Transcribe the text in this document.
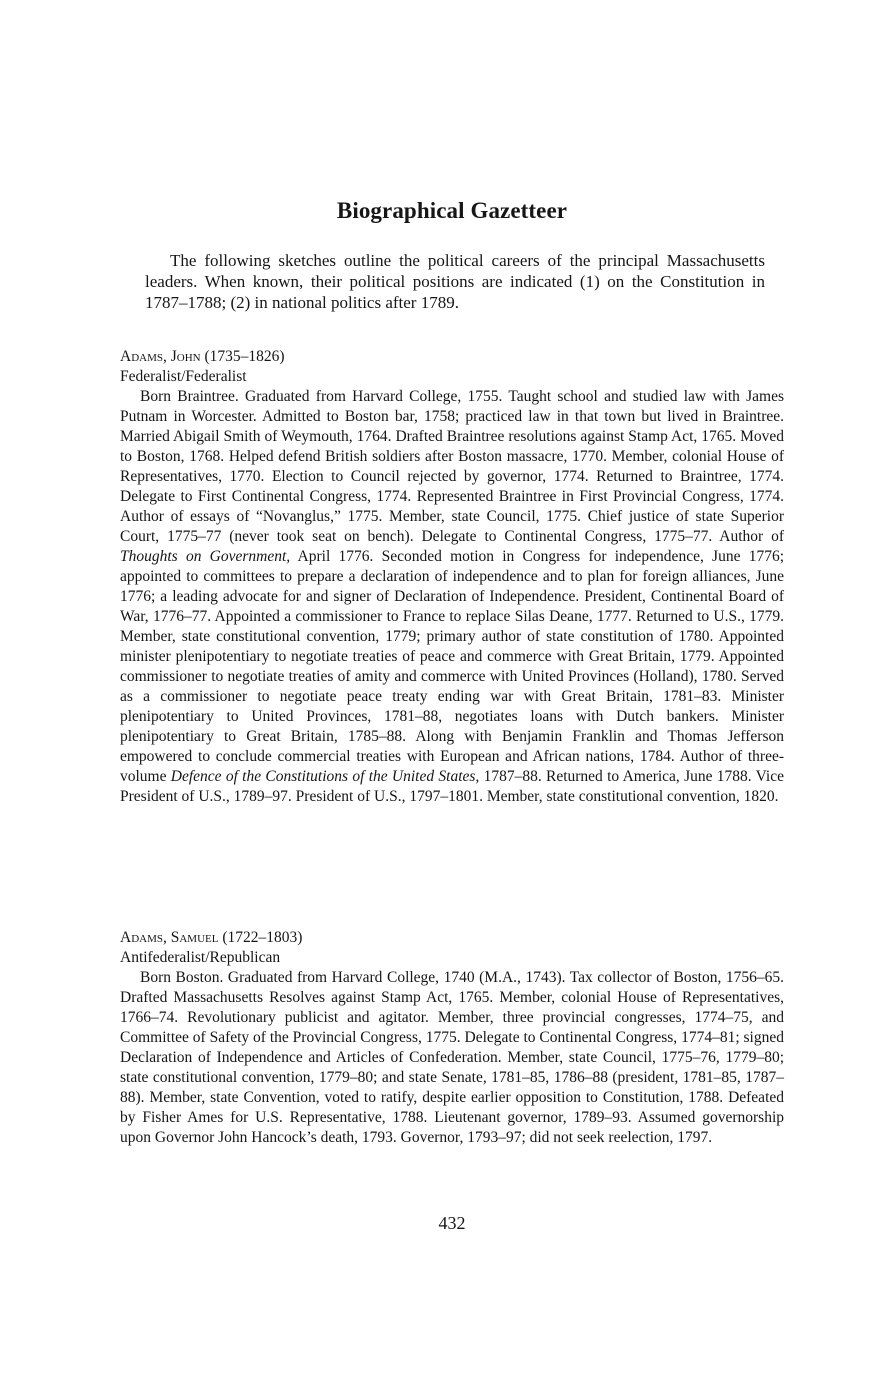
Biographical Gazetteer

The following sketches outline the political careers of the principal Massachusetts leaders. When known, their political positions are indicated (1) on the Constitution in 1787–1788; (2) in national politics after 1789.

Adams, John (1735–1826)

Federalist/Federalist

Born Braintree. Graduated from Harvard College, 1755. Taught school and studied law with James Putnam in Worcester. Admitted to Boston bar, 1758; practiced law in that town but lived in Braintree. Married Abigail Smith of Weymouth, 1764. Drafted Braintree resolutions against Stamp Act, 1765. Moved to Boston, 1768. Helped defend British soldiers after Boston massacre, 1770. Member, colonial House of Representatives, 1770. Election to Council rejected by governor, 1774. Returned to Braintree, 1774. Delegate to First Continental Congress, 1774. Represented Braintree in First Provincial Congress, 1774. Author of essays of “Novanglus,” 1775. Member, state Council, 1775. Chief justice of state Superior Court, 1775–77 (never took seat on bench). Delegate to Continental Congress, 1775–77. Author of Thoughts on Government, April 1776. Seconded motion in Congress for independence, June 1776; appointed to committees to prepare a declaration of independence and to plan for foreign alliances, June 1776; a leading advocate for and signer of Declaration of Independence. President, Continental Board of War, 1776–77. Appointed a commissioner to France to replace Silas Deane, 1777. Returned to U.S., 1779. Member, state constitutional convention, 1779; primary author of state constitution of 1780. Appointed minister plenipotentiary to negotiate treaties of peace and commerce with Great Britain, 1779. Appointed commissioner to negotiate treaties of amity and commerce with United Provinces (Holland), 1780. Served as a commissioner to negotiate peace treaty ending war with Great Britain, 1781–83. Minister plenipotentiary to United Provinces, 1781–88, negotiates loans with Dutch bankers. Minister plenipotentiary to Great Britain, 1785–88. Along with Benjamin Franklin and Thomas Jefferson empowered to conclude commercial treaties with European and African nations, 1784. Author of three-volume Defence of the Constitutions of the United States, 1787–88. Returned to America, June 1788. Vice President of U.S., 1789–97. President of U.S., 1797–1801. Member, state constitutional convention, 1820.

Adams, Samuel (1722–1803)

Antifederalist/Republican

Born Boston. Graduated from Harvard College, 1740 (M.A., 1743). Tax collector of Boston, 1756–65. Drafted Massachusetts Resolves against Stamp Act, 1765. Member, colonial House of Representatives, 1766–74. Revolutionary publicist and agitator. Member, three provincial congresses, 1774–75, and Committee of Safety of the Provincial Congress, 1775. Delegate to Continental Congress, 1774–81; signed Declaration of Independence and Articles of Confederation. Member, state Council, 1775–76, 1779–80; state constitutional convention, 1779–80; and state Senate, 1781–85, 1786–88 (president, 1781–85, 1787–88). Member, state Convention, voted to ratify, despite earlier opposition to Constitution, 1788. Defeated by Fisher Ames for U.S. Representative, 1788. Lieutenant governor, 1789–93. Assumed governorship upon Governor John Hancock’s death, 1793. Governor, 1793–97; did not seek reelection, 1797.

432
